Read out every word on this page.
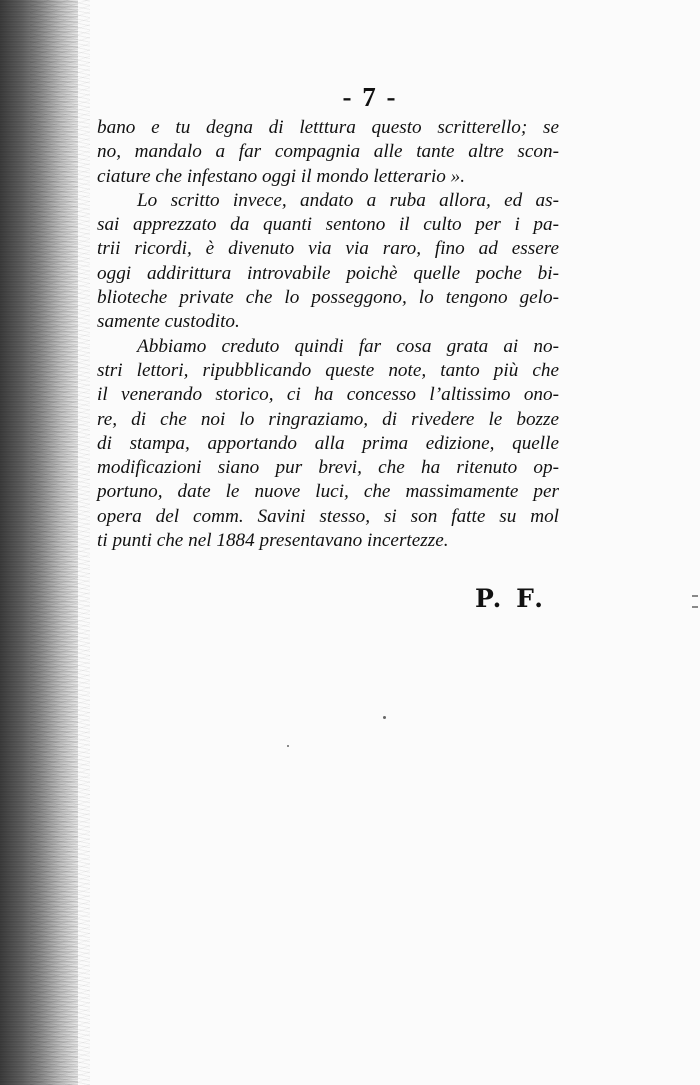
- 7 -
bano e tu degna di letttura questo scritterello; se
no, mandalo a far compagnia alle tante altre scon-
ciature che infestano oggi il mondo letterario ».
Lo scritto invece, andato a ruba allora, ed as-
sai apprezzato da quanti sentono il culto per i pa-
trii ricordi, è divenuto via via raro, fino ad essere
oggi addirittura introvabile poichè quelle poche bi-
blioteche private che lo posseggono, lo tengono gelo-
samente custodito.
Abbiamo creduto quindi far cosa grata ai no-
stri lettori, ripubblicando queste note, tanto più che
il venerando storico, ci ha concesso l’altissimo ono-
re, di che noi lo ringraziamo, di rivedere le bozze
di stampa, apportando alla prima edizione, quelle
modificazioni siano pur brevi, che ha ritenuto op-
portuno, date le nuove luci, che massimamente per
opera del comm. Savini stesso, si son fatte su mol
ti punti che nel 1884 presentavano incertezze.
P. F.
